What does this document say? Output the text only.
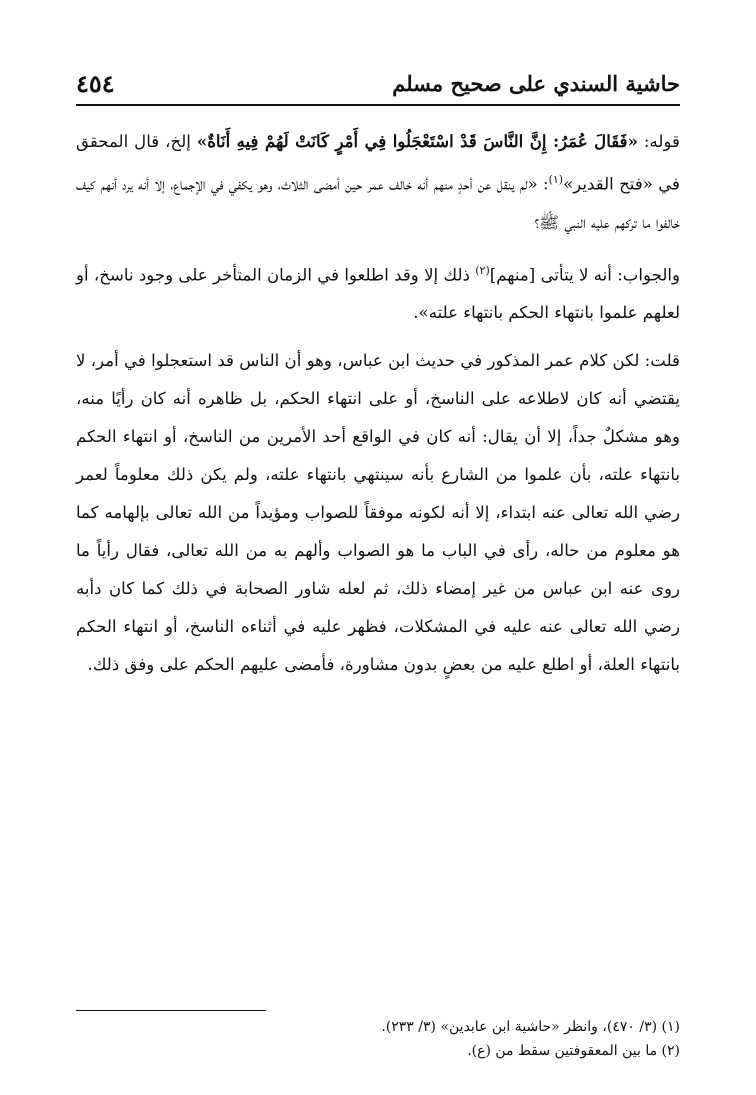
حاشية السندي على صحيح مسلم
٤٥٤

قوله: «فَقَالَ عُمَرُ: إِنَّ النَّاسَ قَدْ اسْتَعْجَلُوا فِي أَمْرٍ كَانَتْ لَهُمْ فِيهِ أَنَاةٌ» إلخ، قال المحقق في «فتح القدير»$^{(١)}$: «لم ينقل عن أحدٍ منهم أنه خالف عمر حين أمضى الثلاث، وهو يكفي في الإجماع، إلا أنه يرد أنهم كيف خالفوا ما تركهم عليه النبي ﷺ؟

والجواب: أنه لا يتأتى [منهم]$^{(٢)}$ ذلك إلا وقد اطلعوا في الزمان المتأخر على وجود ناسخ، أو لعلهم علموا بانتهاء الحكم بانتهاء علته».

قلت: لكن كلام عمر المذكور في حديث ابن عباس، وهو أن الناس قد استعجلوا في أمر، لا يقتضي أنه كان لاطلاعه على الناسخ، أو على انتهاء الحكم، بل ظاهره أنه كان رأيًا منه، وهو مشكلٌ جداً، إلا أن يقال: أنه كان في الواقع أحد الأمرين من الناسخ، أو انتهاء الحكم بانتهاء علته، بأن علموا من الشارع بأنه سينتهي بانتهاء علته، ولم يكن ذلك معلوماً لعمر رضي الله تعالى عنه ابتداء، إلا أنه لكونه موفقاً للصواب ومؤيداً من الله تعالى بإلهامه كما هو معلوم من حاله، رأى في الباب ما هو الصواب وألهم به من الله تعالى، فقال رأياً ما روى عنه ابن عباس من غير إمضاء ذلك، ثم لعله شاور الصحابة في ذلك كما كان دأبه رضي الله تعالى عنه عليه في المشكلات، فظهر عليه في أثناءه الناسخ، أو انتهاء الحكم بانتهاء العلة، أو اطلع عليه من بعضٍ بدون مشاورة، فأمضى عليهم الحكم على وفق ذلك.

(١) (٣/ ٤٧٠)، وانظر «حاشية ابن عابدين» (٣/ ٢٣٣).

(٢) ما بين المعقوفتين سقط من (ع).
